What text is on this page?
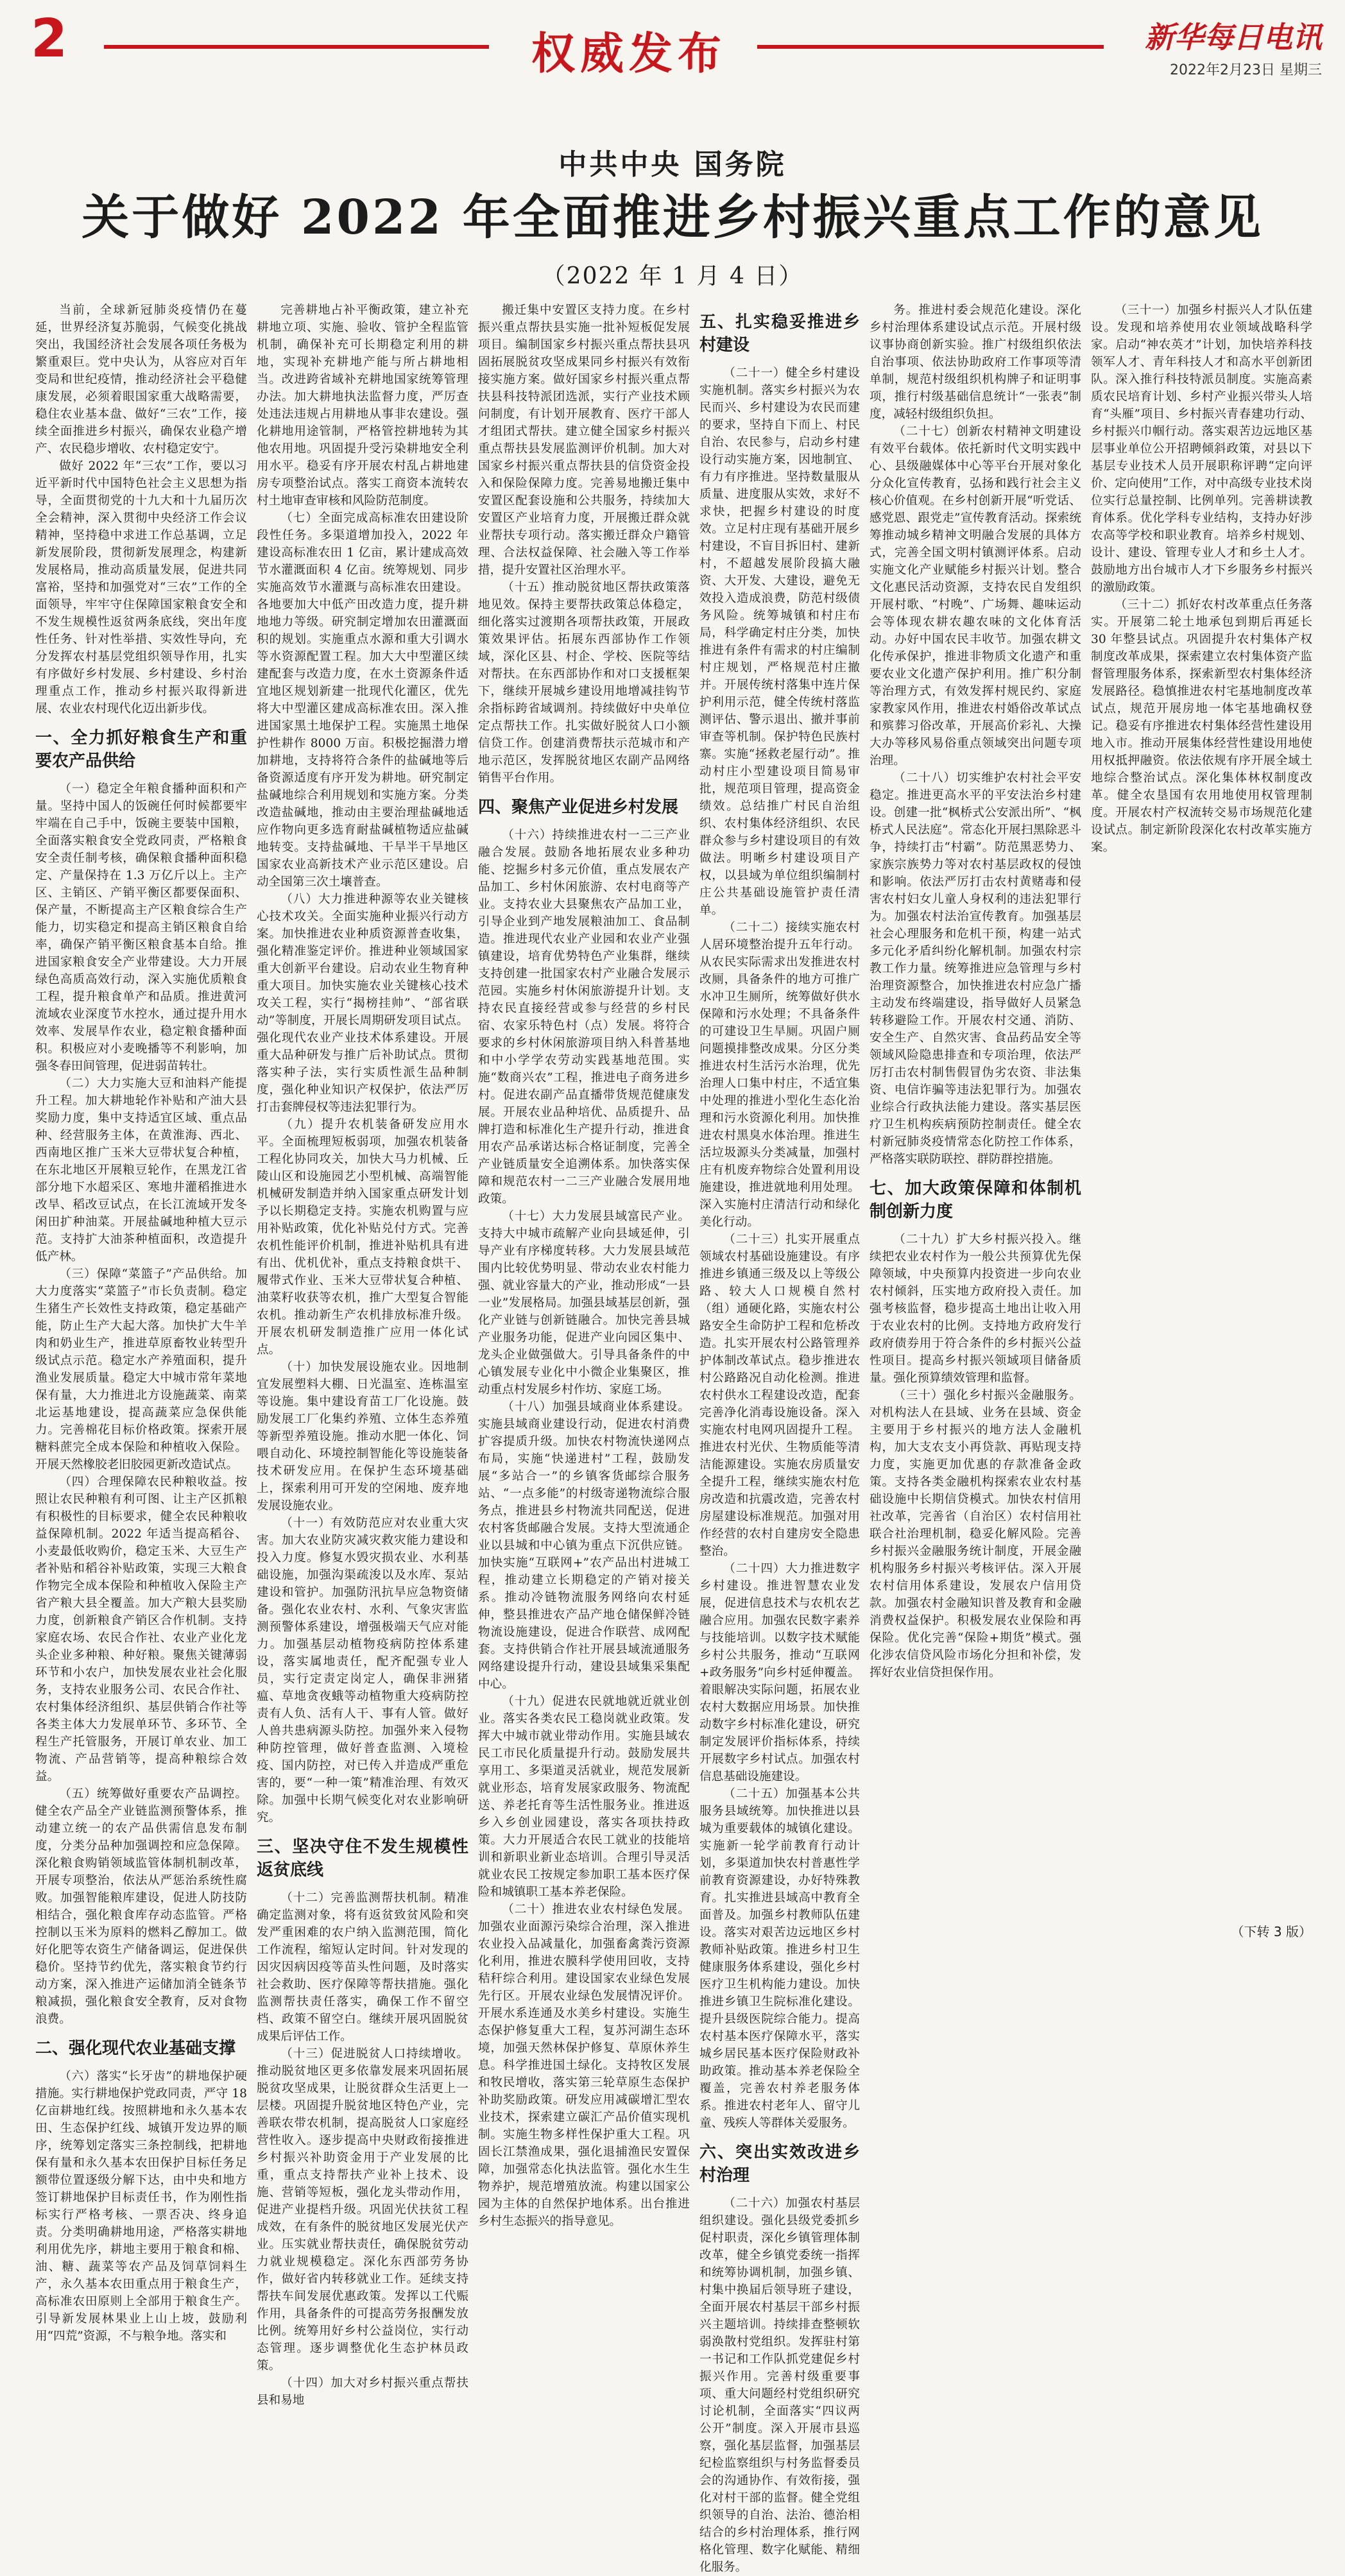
2	权威发布	新华每日电讯
2022年2月23日 星期三
中共中央 国务院
关于做好 2022 年全面推进乡村振兴重点工作的意见
（2022 年 1 月 4 日）

当前，全球新冠肺炎疫情仍在蔓延，世界经济复苏脆弱，气候变化挑战突出，我国经济社会发展各项任务极为繁重艰巨。党中央认为，从容应对百年变局和世纪疫情，推动经济社会平稳健康发展，必须着眼国家重大战略需要，稳住农业基本盘、做好“三农”工作，接续全面推进乡村振兴，确保农业稳产增产、农民稳步增收、农村稳定安宁。

做好 2022 年“三农”工作，要以习近平新时代中国特色社会主义思想为指导，全面贯彻党的十九大和十九届历次全会精神，深入贯彻中央经济工作会议精神，坚持稳中求进工作总基调，立足新发展阶段，贯彻新发展理念，构建新发展格局，推动高质量发展，促进共同富裕，坚持和加强党对“三农”工作的全面领导，牢牢守住保障国家粮食安全和不发生规模性返贫两条底线，突出年度性任务、针对性举措、实效性导向，充分发挥农村基层党组织领导作用，扎实有序做好乡村发展、乡村建设、乡村治理重点工作，推动乡村振兴取得新进展、农业农村现代化迈出新步伐。

一、全力抓好粮食生产和重要农产品供给

（一）稳定全年粮食播种面积和产量。坚持中国人的饭碗任何时候都要牢牢端在自己手中，饭碗主要装中国粮，全面落实粮食安全党政同责，严格粮食安全责任制考核，确保粮食播种面积稳定、产量保持在 1.3 万亿斤以上。主产区、主销区、产销平衡区都要保面积、保产量，不断提高主产区粮食综合生产能力，切实稳定和提高主销区粮食自给率，确保产销平衡区粮食基本自给。推进国家粮食安全产业带建设。大力开展绿色高质高效行动，深入实施优质粮食工程，提升粮食单产和品质。推进黄河流域农业深度节水控水，通过提升用水效率、发展旱作农业，稳定粮食播种面积。积极应对小麦晚播等不利影响，加强冬春田间管理，促进弱苗转壮。

（二）大力实施大豆和油料产能提升工程。加大耕地轮作补贴和产油大县奖励力度，集中支持适宜区域、重点品种、经营服务主体，在黄淮海、西北、西南地区推广玉米大豆带状复合种植，在东北地区开展粮豆轮作，在黑龙江省部分地下水超采区、寒地井灌稻推进水改旱、稻改豆试点，在长江流域开发冬闲田扩种油菜。开展盐碱地种植大豆示范。支持扩大油茶种植面积，改造提升低产林。

（三）保障“菜篮子”产品供给。加大力度落实“菜篮子”市长负责制。稳定生猪生产长效性支持政策，稳定基础产能，防止生产大起大落。加快扩大牛羊肉和奶业生产，推进草原畜牧业转型升级试点示范。稳定水产养殖面积，提升渔业发展质量。稳定大中城市常年菜地保有量，大力推进北方设施蔬菜、南菜北运基地建设，提高蔬菜应急保供能力。完善棉花目标价格政策。探索开展糖料蔗完全成本保险和种植收入保险。开展天然橡胶老旧胶园更新改造试点。

（四）合理保障农民种粮收益。按照让农民种粮有利可图、让主产区抓粮有积极性的目标要求，健全农民种粮收益保障机制。2022 年适当提高稻谷、小麦最低收购价，稳定玉米、大豆生产者补贴和稻谷补贴政策，实现三大粮食作物完全成本保险和种植收入保险主产省产粮大县全覆盖。加大产粮大县奖励力度，创新粮食产销区合作机制。支持家庭农场、农民合作社、农业产业化龙头企业多种粮、种好粮。聚焦关键薄弱环节和小农户，加快发展农业社会化服务，支持农业服务公司、农民合作社、农村集体经济组织、基层供销合作社等各类主体大力发展单环节、多环节、全程生产托管服务，开展订单农业、加工物流、产品营销等，提高种粮综合效益。

（五）统筹做好重要农产品调控。健全农产品全产业链监测预警体系，推动建立统一的农产品供需信息发布制度，分类分品种加强调控和应急保障。深化粮食购销领域监管体制机制改革，开展专项整治，依法从严惩治系统性腐败。加强智能粮库建设，促进人防技防相结合，强化粮食库存动态监管。严格控制以玉米为原料的燃料乙醇加工。做好化肥等农资生产储备调运，促进保供稳价。坚持节约优先，落实粮食节约行动方案，深入推进产运储加消全链条节粮减损，强化粮食安全教育，反对食物浪费。

二、强化现代农业基础支撑

（六）落实“长牙齿”的耕地保护硬措施。实行耕地保护党政同责，严守 18 亿亩耕地红线。按照耕地和永久基本农田、生态保护红线、城镇开发边界的顺序，统筹划定落实三条控制线，把耕地保有量和永久基本农田保护目标任务足额带位置逐级分解下达，由中央和地方签订耕地保护目标责任书，作为刚性指标实行严格考核、一票否决、终身追责。分类明确耕地用途，严格落实耕地利用优先序，耕地主要用于粮食和棉、油、糖、蔬菜等农产品及饲草饲料生产，永久基本农田重点用于粮食生产，高标准农田原则上全部用于粮食生产。引导新发展林果业上山上坡，鼓励利用“四荒”资源，不与粮争地。落实和

完善耕地占补平衡政策，建立补充耕地立项、实施、验收、管护全程监管机制，确保补充可长期稳定利用的耕地，实现补充耕地产能与所占耕地相当。改进跨省域补充耕地国家统筹管理办法。加大耕地执法监督力度，严厉查处违法违规占用耕地从事非农建设。强化耕地用途管制，严格管控耕地转为其他农用地。巩固提升受污染耕地安全利用水平。稳妥有序开展农村乱占耕地建房专项整治试点。落实工商资本流转农村土地审查审核和风险防范制度。

（七）全面完成高标准农田建设阶段性任务。多渠道增加投入，2022 年建设高标准农田 1 亿亩，累计建成高效节水灌溉面积 4 亿亩。统筹规划、同步实施高效节水灌溉与高标准农田建设。各地要加大中低产田改造力度，提升耕地地力等级。研究制定增加农田灌溉面积的规划。实施重点水源和重大引调水等水资源配置工程。加大大中型灌区续建配套与改造力度，在水土资源条件适宜地区规划新建一批现代化灌区，优先将大中型灌区建成高标准农田。深入推进国家黑土地保护工程。实施黑土地保护性耕作 8000 万亩。积极挖掘潜力增加耕地，支持将符合条件的盐碱地等后备资源适度有序开发为耕地。研究制定盐碱地综合利用规划和实施方案。分类改造盐碱地，推动由主要治理盐碱地适应作物向更多选育耐盐碱植物适应盐碱地转变。支持盐碱地、干旱半干旱地区国家农业高新技术产业示范区建设。启动全国第三次土壤普查。

（八）大力推进种源等农业关键核心技术攻关。全面实施种业振兴行动方案。加快推进农业种质资源普查收集，强化精准鉴定评价。推进种业领域国家重大创新平台建设。启动农业生物育种重大项目。加快实施农业关键核心技术攻关工程，实行“揭榜挂帅”、“部省联动”等制度，开展长周期研发项目试点。强化现代农业产业技术体系建设。开展重大品种研发与推广后补助试点。贯彻落实种子法，实行实质性派生品种制度，强化种业知识产权保护，依法严厉打击套牌侵权等违法犯罪行为。

（九）提升农机装备研发应用水平。全面梳理短板弱项，加强农机装备工程化协同攻关，加快大马力机械、丘陵山区和设施园艺小型机械、高端智能机械研发制造并纳入国家重点研发计划予以长期稳定支持。实施农机购置与应用补贴政策，优化补贴兑付方式。完善农机性能评价机制，推进补贴机具有进有出、优机优补，重点支持粮食烘干、履带式作业、玉米大豆带状复合种植、油菜籽收获等农机，推广大型复合智能农机。推动新生产农机排放标准升级。开展农机研发制造推广应用一体化试点。

（十）加快发展设施农业。因地制宜发展塑料大棚、日光温室、连栋温室等设施。集中建设育苗工厂化设施。鼓励发展工厂化集约养殖、立体生态养殖等新型养殖设施。推动水肥一体化、饲喂自动化、环境控制智能化等设施装备技术研发应用。在保护生态环境基础上，探索利用可开发的空闲地、废弃地发展设施农业。

（十一）有效防范应对农业重大灾害。加大农业防灾减灾救灾能力建设和投入力度。修复水毁灾损农业、水利基础设施，加强沟渠疏浚以及水库、泵站建设和管护。加强防汛抗旱应急物资储备。强化农业农村、水利、气象灾害监测预警体系建设，增强极端天气应对能力。加强基层动植物疫病防控体系建设，落实属地责任，配齐配强专业人员，实行定责定岗定人，确保非洲猪瘟、草地贪夜蛾等动植物重大疫病防控责有人负、活有人干、事有人管。做好人兽共患病源头防控。加强外来入侵物种防控管理，做好普查监测、入境检疫、国内防控，对已传入并造成严重危害的，要“一种一策”精准治理、有效灭除。加强中长期气候变化对农业影响研究。

三、坚决守住不发生规模性返贫底线

（十二）完善监测帮扶机制。精准确定监测对象，将有返贫致贫风险和突发严重困难的农户纳入监测范围，简化工作流程，缩短认定时间。针对发现的因灾因病因疫等苗头性问题，及时落实社会救助、医疗保障等帮扶措施。强化监测帮扶责任落实，确保工作不留空档、政策不留空白。继续开展巩固脱贫成果后评估工作。

（十三）促进脱贫人口持续增收。推动脱贫地区更多依靠发展来巩固拓展脱贫攻坚成果，让脱贫群众生活更上一层楼。巩固提升脱贫地区特色产业，完善联农带农机制，提高脱贫人口家庭经营性收入。逐步提高中央财政衔接推进乡村振兴补助资金用于产业发展的比重，重点支持帮扶产业补上技术、设施、营销等短板，强化龙头带动作用，促进产业提档升级。巩固光伏扶贫工程成效，在有条件的脱贫地区发展光伏产业。压实就业帮扶责任，确保脱贫劳动力就业规模稳定。深化东西部劳务协作，做好省内转移就业工作。延续支持帮扶车间发展优惠政策。发挥以工代赈作用，具备条件的可提高劳务报酬发放比例。统筹用好乡村公益岗位，实行动态管理。逐步调整优化生态护林员政策。

（十四）加大对乡村振兴重点帮扶县和易地

搬迁集中安置区支持力度。在乡村振兴重点帮扶县实施一批补短板促发展项目。编制国家乡村振兴重点帮扶县巩固拓展脱贫攻坚成果同乡村振兴有效衔接实施方案。做好国家乡村振兴重点帮扶县科技特派团选派，实行产业技术顾问制度，有计划开展教育、医疗干部人才组团式帮扶。建立健全国家乡村振兴重点帮扶县发展监测评价机制。加大对国家乡村振兴重点帮扶县的信贷资金投入和保险保障力度。完善易地搬迁集中安置区配套设施和公共服务，持续加大安置区产业培育力度，开展搬迁群众就业帮扶专项行动。落实搬迁群众户籍管理、合法权益保障、社会融入等工作举措，提升安置社区治理水平。

（十五）推动脱贫地区帮扶政策落地见效。保持主要帮扶政策总体稳定，细化落实过渡期各项帮扶政策，开展政策效果评估。拓展东西部协作工作领域，深化区县、村企、学校、医院等结对帮扶。在东西部协作和对口支援框架下，继续开展城乡建设用地增减挂钩节余指标跨省域调剂。持续做好中央单位定点帮扶工作。扎实做好脱贫人口小额信贷工作。创建消费帮扶示范城市和产地示范区，发挥脱贫地区农副产品网络销售平台作用。

四、聚焦产业促进乡村发展

（十六）持续推进农村一二三产业融合发展。鼓励各地拓展农业多种功能、挖掘乡村多元价值，重点发展农产品加工、乡村休闲旅游、农村电商等产业。支持农业大县聚焦农产品加工业，引导企业到产地发展粮油加工、食品制造。推进现代农业产业园和农业产业强镇建设，培育优势特色产业集群，继续支持创建一批国家农村产业融合发展示范园。实施乡村休闲旅游提升计划。支持农民直接经营或参与经营的乡村民宿、农家乐特色村（点）发展。将符合要求的乡村休闲旅游项目纳入科普基地和中小学学农劳动实践基地范围。实施“数商兴农”工程，推进电子商务进乡村。促进农副产品直播带货规范健康发展。开展农业品种培优、品质提升、品牌打造和标准化生产提升行动，推进食用农产品承诺达标合格证制度，完善全产业链质量安全追溯体系。加快落实保障和规范农村一二三产业融合发展用地政策。

（十七）大力发展县域富民产业。支持大中城市疏解产业向县域延伸，引导产业有序梯度转移。大力发展县域范围内比较优势明显、带动农业农村能力强、就业容量大的产业，推动形成“一县一业”发展格局。加强县域基层创新，强化产业链与创新链融合。加快完善县城产业服务功能，促进产业向园区集中、龙头企业做强做大。引导具备条件的中心镇发展专业化中小微企业集聚区，推动重点村发展乡村作坊、家庭工场。

（十八）加强县域商业体系建设。实施县域商业建设行动，促进农村消费扩容提质升级。加快农村物流快递网点布局，实施“快递进村”工程，鼓励发展“多站合一”的乡镇客货邮综合服务站、“一点多能”的村级寄递物流综合服务点，推进县乡村物流共同配送，促进农村客货邮融合发展。支持大型流通企业以县城和中心镇为重点下沉供应链。加快实施“互联网+”农产品出村进城工程，推动建立长期稳定的产销对接关系。推动冷链物流服务网络向农村延伸，整县推进农产品产地仓储保鲜冷链物流设施建设，促进合作联营、成网配套。支持供销合作社开展县域流通服务网络建设提升行动，建设县域集采集配中心。

（十九）促进农民就地就近就业创业。落实各类农民工稳岗就业政策。发挥大中城市就业带动作用。实施县域农民工市民化质量提升行动。鼓励发展共享用工、多渠道灵活就业，规范发展新就业形态，培育发展家政服务、物流配送、养老托育等生活性服务业。推进返乡入乡创业园建设，落实各项扶持政策。大力开展适合农民工就业的技能培训和新职业新业态培训。合理引导灵活就业农民工按规定参加职工基本医疗保险和城镇职工基本养老保险。

（二十）推进农业农村绿色发展。加强农业面源污染综合治理，深入推进农业投入品减量化，加强畜禽粪污资源化利用，推进农膜科学使用回收，支持秸秆综合利用。建设国家农业绿色发展先行区。开展农业绿色发展情况评价。开展水系连通及水美乡村建设。实施生态保护修复重大工程，复苏河湖生态环境，加强天然林保护修复、草原休养生息。科学推进国土绿化。支持牧区发展和牧民增收，落实第三轮草原生态保护补助奖励政策。研发应用减碳增汇型农业技术，探索建立碳汇产品价值实现机制。实施生物多样性保护重大工程。巩固长江禁渔成果，强化退捕渔民安置保障，加强常态化执法监管。强化水生生物养护，规范增殖放流。构建以国家公园为主体的自然保护地体系。出台推进乡村生态振兴的指导意见。

五、扎实稳妥推进乡村建设

（二十一）健全乡村建设实施机制。落实乡村振兴为农民而兴、乡村建设为农民而建的要求，坚持自下而上、村民自治、农民参与，启动乡村建设行动实施方案，因地制宜、有力有序推进。坚持数量服从质量、进度服从实效，求好不求快，把握乡村建设的时度效。立足村庄现有基础开展乡村建设，不盲目拆旧村、建新村，不超越发展阶段搞大融资、大开发、大建设，避免无效投入造成浪费，防范村级债务风险。统筹城镇和村庄布局，科学确定村庄分类，加快推进有条件有需求的村庄编制村庄规划，严格规范村庄撤并。开展传统村落集中连片保护利用示范，健全传统村落监测评估、警示退出、撤并事前审查等机制。保护特色民族村寨。实施“拯救老屋行动”。推动村庄小型建设项目简易审批，规范项目管理，提高资金绩效。总结推广村民自治组织、农村集体经济组织、农民群众参与乡村建设项目的有效做法。明晰乡村建设项目产权，以县域为单位组织编制村庄公共基础设施管护责任清单。

（二十二）接续实施农村人居环境整治提升五年行动。从农民实际需求出发推进农村改厕，具备条件的地方可推广水冲卫生厕所，统筹做好供水保障和污水处理；不具备条件的可建设卫生旱厕。巩固户厕问题摸排整改成果。分区分类推进农村生活污水治理，优先治理人口集中村庄，不适宜集中处理的推进小型化生态化治理和污水资源化利用。加快推进农村黑臭水体治理。推进生活垃圾源头分类减量，加强村庄有机废弃物综合处置利用设施建设，推进就地利用处理。深入实施村庄清洁行动和绿化美化行动。

（二十三）扎实开展重点领域农村基础设施建设。有序推进乡镇通三级及以上等级公路、较大人口规模自然村（组）通硬化路，实施农村公路安全生命防护工程和危桥改造。扎实开展农村公路管理养护体制改革试点。稳步推进农村公路路况自动化检测。推进农村供水工程建设改造，配套完善净化消毒设施设备。深入实施农村电网巩固提升工程。推进农村光伏、生物质能等清洁能源建设。实施农房质量安全提升工程，继续实施农村危房改造和抗震改造，完善农村房屋建设标准规范。加强对用作经营的农村自建房安全隐患整治。

（二十四）大力推进数字乡村建设。推进智慧农业发展，促进信息技术与农机农艺融合应用。加强农民数字素养与技能培训。以数字技术赋能乡村公共服务，推动“互联网+政务服务”向乡村延伸覆盖。着眼解决实际问题，拓展农业农村大数据应用场景。加快推动数字乡村标准化建设，研究制定发展评价指标体系，持续开展数字乡村试点。加强农村信息基础设施建设。

（二十五）加强基本公共服务县域统筹。加快推进以县城为重要载体的城镇化建设。实施新一轮学前教育行动计划，多渠道加快农村普惠性学前教育资源建设，办好特殊教育。扎实推进县域高中教育全面普及。加强乡村教师队伍建设。落实对艰苦边远地区乡村教师补贴政策。推进乡村卫生健康服务体系建设，强化乡村医疗卫生机构能力建设。加快推进乡镇卫生院标准化建设。提升县级医院综合能力。提高农村基本医疗保障水平，落实城乡居民基本医疗保险财政补助政策。推动基本养老保险全覆盖，完善农村养老服务体系。推进农村老年人、留守儿童、残疾人等群体关爱服务。

六、突出实效改进乡村治理

（二十六）加强农村基层组织建设。强化县级党委抓乡促村职责，深化乡镇管理体制改革，健全乡镇党委统一指挥和统筹协调机制，加强乡镇、村集中换届后领导班子建设，全面开展农村基层干部乡村振兴主题培训。持续排查整顿软弱涣散村党组织。发挥驻村第一书记和工作队抓党建促乡村振兴作用。完善村级重要事项、重大问题经村党组织研究讨论机制，全面落实“四议两公开”制度。深入开展市县巡察，强化基层监督，加强基层纪检监察组织与村务监督委员会的沟通协作、有效衔接，强化对村干部的监督。健全党组织领导的自治、法治、德治相结合的乡村治理体系，推行网格化管理、数字化赋能、精细化服务。

务。推进村委会规范化建设。深化乡村治理体系建设试点示范。开展村级议事协商创新实验。推广村级组织依法自治事项、依法协助政府工作事项等清单制，规范村级组织机构牌子和证明事项，推行村级基础信息统计“一张表”制度，减轻村级组织负担。

（二十七）创新农村精神文明建设有效平台载体。依托新时代文明实践中心、县级融媒体中心等平台开展对象化分众化宣传教育，弘扬和践行社会主义核心价值观。在乡村创新开展“听党话、感党恩、跟党走”宣传教育活动。探索统筹推动城乡精神文明融合发展的具体方式，完善全国文明村镇测评体系。启动实施文化产业赋能乡村振兴计划。整合文化惠民活动资源，支持农民自发组织开展村歌、“村晚”、广场舞、趣味运动会等体现农耕农趣农味的文化体育活动。办好中国农民丰收节。加强农耕文化传承保护，推进非物质文化遗产和重要农业文化遗产保护利用。推广积分制等治理方式，有效发挥村规民约、家庭家教家风作用，推进农村婚俗改革试点和殡葬习俗改革，开展高价彩礼、大操大办等移风易俗重点领域突出问题专项治理。

（二十八）切实维护农村社会平安稳定。推进更高水平的平安法治乡村建设。创建一批“枫桥式公安派出所”、“枫桥式人民法庭”。常态化开展扫黑除恶斗争，持续打击“村霸”。防范黑恶势力、家族宗族势力等对农村基层政权的侵蚀和影响。依法严厉打击农村黄赌毒和侵害农村妇女儿童人身权利的违法犯罪行为。加强农村法治宣传教育。加强基层社会心理服务和危机干预，构建一站式多元化矛盾纠纷化解机制。加强农村宗教工作力量。统筹推进应急管理与乡村治理资源整合，加快推进农村应急广播主动发布终端建设，指导做好人员紧急转移避险工作。开展农村交通、消防、安全生产、自然灾害、食品药品安全等领域风险隐患排查和专项治理，依法严厉打击农村制售假冒伪劣农资、非法集资、电信诈骗等违法犯罪行为。加强农业综合行政执法能力建设。落实基层医疗卫生机构疾病预防控制责任。健全农村新冠肺炎疫情常态化防控工作体系，严格落实联防联控、群防群控措施。

七、加大政策保障和体制机制创新力度

（二十九）扩大乡村振兴投入。继续把农业农村作为一般公共预算优先保障领域，中央预算内投资进一步向农业农村倾斜，压实地方政府投入责任。加强考核监督，稳步提高土地出让收入用于农业农村的比例。支持地方政府发行政府债券用于符合条件的乡村振兴公益性项目。提高乡村振兴领域项目储备质量。强化预算绩效管理和监督。

（三十）强化乡村振兴金融服务。对机构法人在县域、业务在县域、资金主要用于乡村振兴的地方法人金融机构，加大支农支小再贷款、再贴现支持力度，实施更加优惠的存款准备金政策。支持各类金融机构探索农业农村基础设施中长期信贷模式。加快农村信用社改革，完善省（自治区）农村信用社联合社治理机制，稳妥化解风险。完善乡村振兴金融服务统计制度，开展金融机构服务乡村振兴考核评估。深入开展农村信用体系建设，发展农户信用贷款。加强农村金融知识普及教育和金融消费权益保护。积极发展农业保险和再保险。优化完善“保险+期货”模式。强化涉农信贷风险市场化分担和补偿，发挥好农业信贷担保作用。

（三十一）加强乡村振兴人才队伍建设。发现和培养使用农业领域战略科学家。启动“神农英才”计划，加快培养科技领军人才、青年科技人才和高水平创新团队。深入推行科技特派员制度。实施高素质农民培育计划、乡村产业振兴带头人培育“头雁”项目、乡村振兴青春建功行动、乡村振兴巾帼行动。落实艰苦边远地区基层事业单位公开招聘倾斜政策，对县以下基层专业技术人员开展职称评聘“定向评价、定向使用”工作，对中高级专业技术岗位实行总量控制、比例单列。完善耕读教育体系。优化学科专业结构，支持办好涉农高等学校和职业教育。培养乡村规划、设计、建设、管理专业人才和乡土人才。鼓励地方出台城市人才下乡服务乡村振兴的激励政策。

（三十二）抓好农村改革重点任务落实。开展第二轮土地承包到期后再延长 30 年整县试点。巩固提升农村集体产权制度改革成果，探索建立农村集体资产监督管理服务体系，探索新型农村集体经济发展路径。稳慎推进农村宅基地制度改革试点，规范开展房地一体宅基地确权登记。稳妥有序推进农村集体经营性建设用地入市。推动开展集体经营性建设用地使用权抵押融资。依法依规有序开展全域土地综合整治试点。深化集体林权制度改革。健全农垦国有农用地使用权管理制度。开展农村产权流转交易市场规范化建设试点。制定新阶段深化农村改革实施方案。

（下转 3 版）
